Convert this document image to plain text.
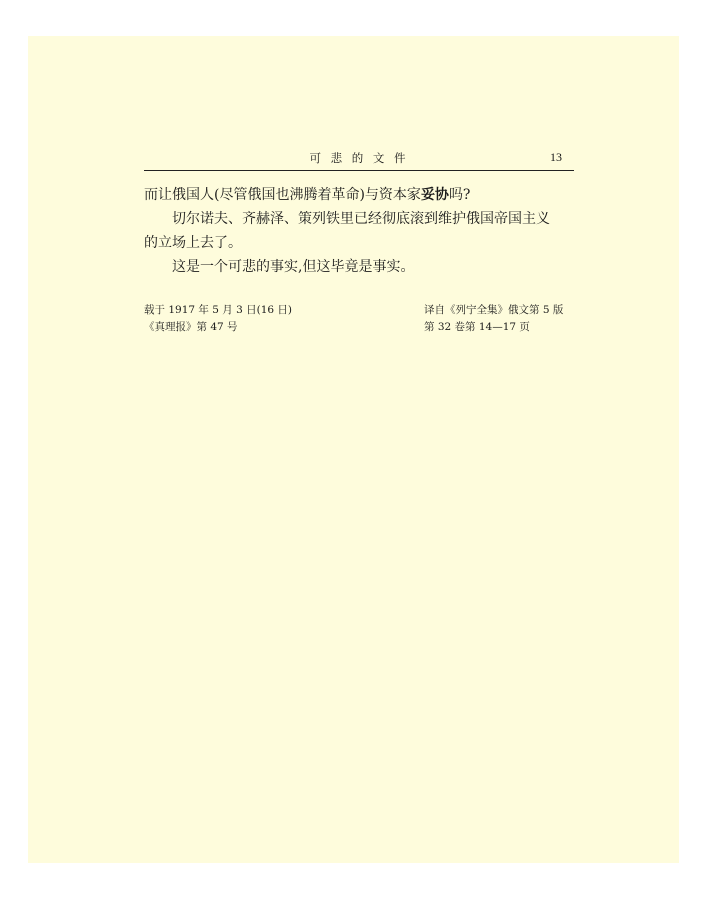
可 悲 的 文 件	13

而让俄国人(尽管俄国也沸腾着革命)与资本家妥协吗?

切尔诺夫、齐赫泽、策列铁里已经彻底滚到维护俄国帝国主义

的立场上去了。

这是一个可悲的事实,但这毕竟是事实。

载于 1917 年 5 月 3 日(16 日)
《真理报》第 47 号
译自《列宁全集》俄文第 5 版
第 32 卷第 14—17 页
